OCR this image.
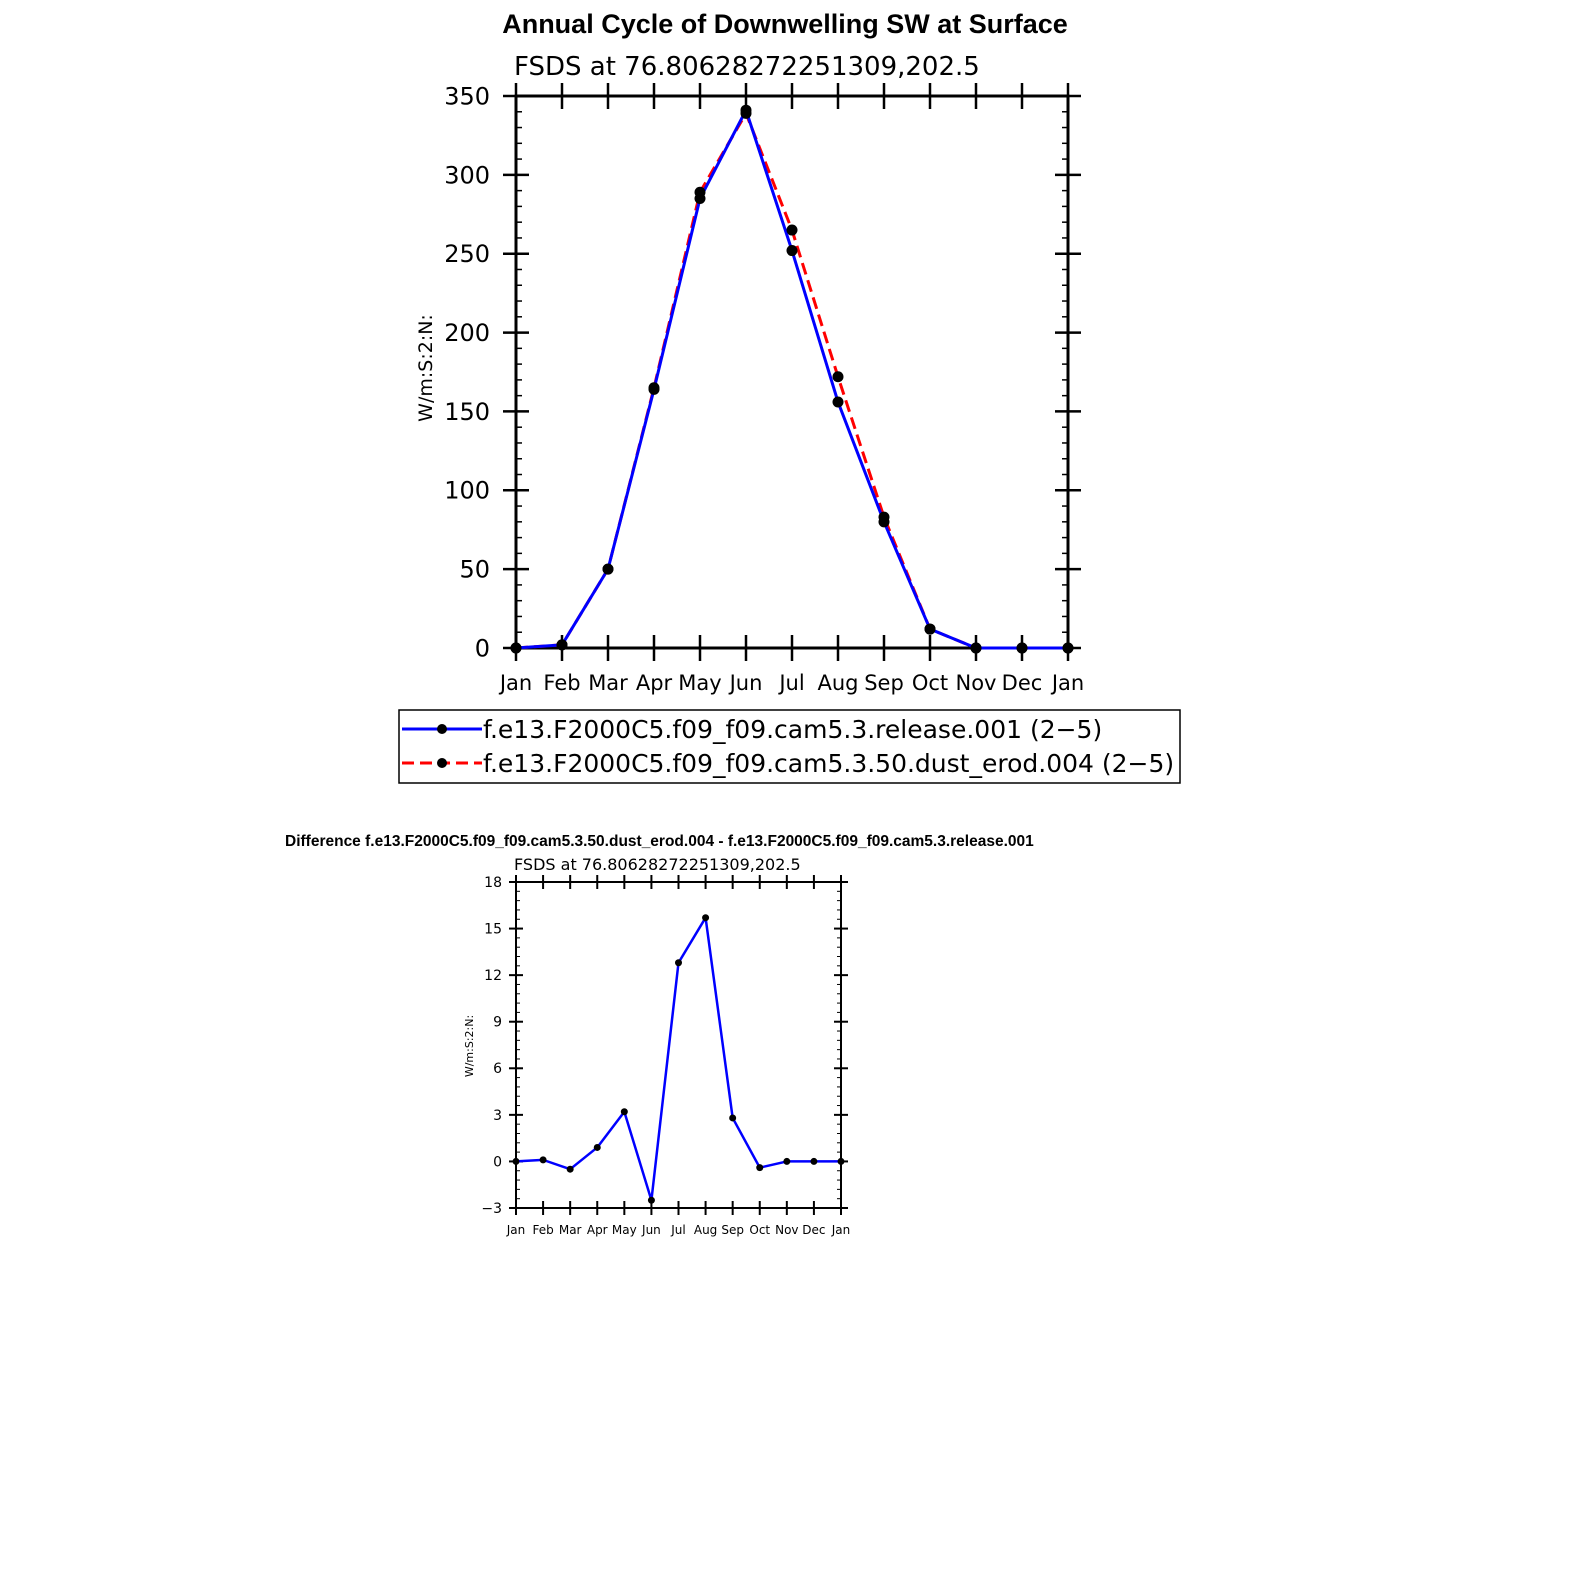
Annual Cycle of Downwelling SW at Surface
FSDS at 76.80628272251309,202.5
W/m:S:2:N:
0
50
100
150
200
250
300
350
Jan Feb Mar Apr May Jun Jul Aug Sep Oct Nov Dec Jan
f.e13.F2000C5.f09_f09.cam5.3.release.001 (2−5)
f.e13.F2000C5.f09_f09.cam5.3.50.dust_erod.004 (2−5)
Difference f.e13.F2000C5.f09_f09.cam5.3.50.dust_erod.004 - f.e13.F2000C5.f09_f09.cam5.3.release.001
FSDS at 76.80628272251309,202.5
W/m:S:2:N:
−3
0
3
6
9
12
15
18
Jan Feb Mar Apr May Jun Jul Aug Sep Oct Nov Dec Jan
